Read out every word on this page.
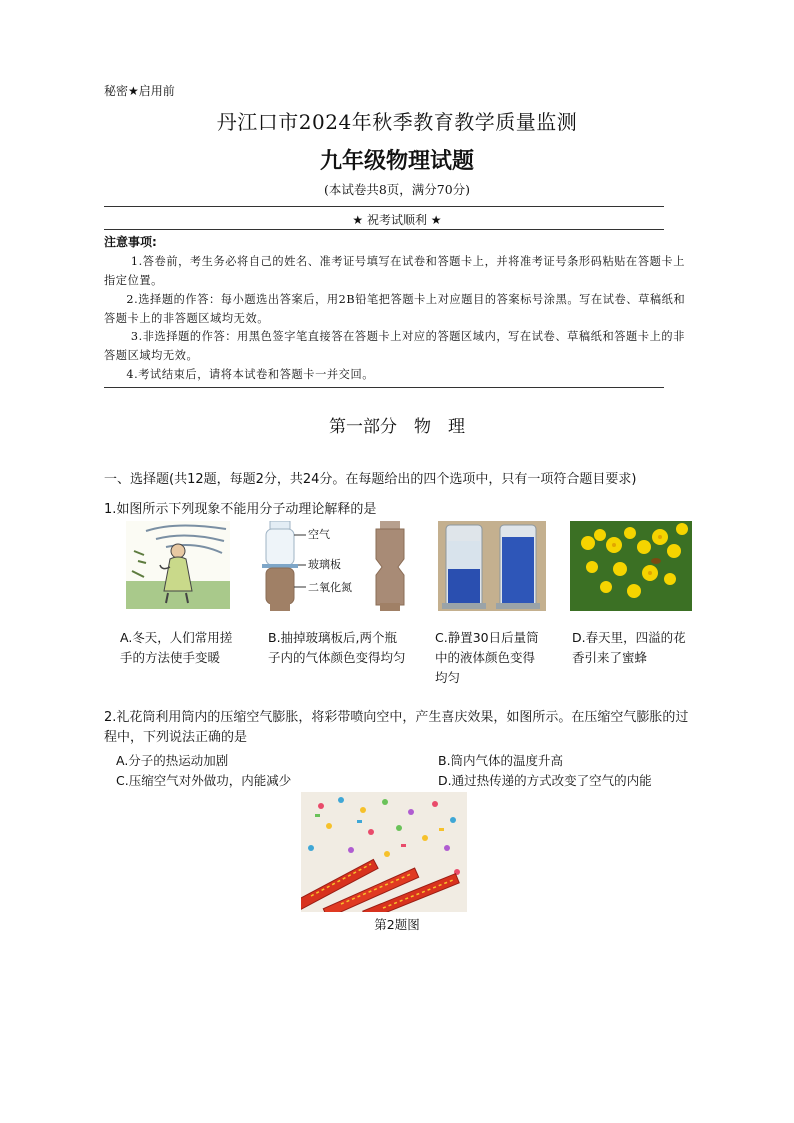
秘密★启用前
丹江口市2024年秋季教育教学质量监测
九年级物理试题
(本试卷共8页，满分70分)
★ 祝考试顺利 ★
注意事项:
1.答卷前，考生务必将自己的姓名、准考证号填写在试卷和答题卡上，并将准考证号条形码粘贴在答题卡上指定位置。
2.选择题的作答：每小题选出答案后，用2B铅笔把答题卡上对应题目的答案标号涂黑。写在试卷、草稿纸和答题卡上的非答题区域均无效。
3.非选择题的作答：用黑色签字笔直接答在答题卡上对应的答题区域内，写在试卷、草稿纸和答题卡上的非答题区域均无效。
4.考试结束后，请将本试卷和答题卡一并交回。
第一部分　物　理
一、选择题(共12题，每题2分，共24分。在每题给出的四个选项中，只有一项符合题目要求)
1.如图所示下列现象不能用分子动理论解释的是
空气
玻璃板
二氧化氮
A.冬天，人们常用搓手的方法使手变暖
B.抽掉玻璃板后,两个瓶子内的气体颜色变得均匀
C.静置30日后量筒中的液体颜色变得均匀
D.春天里，四溢的花香引来了蜜蜂
2.礼花筒利用筒内的压缩空气膨胀，将彩带喷向空中，产生喜庆效果，如图所示。在压缩空气膨胀的过程中，下列说法正确的是
A.分子的热运动加剧	B.筒内气体的温度升高
C.压缩空气对外做功，内能减少	D.通过热传递的方式改变了空气的内能
第2题图
